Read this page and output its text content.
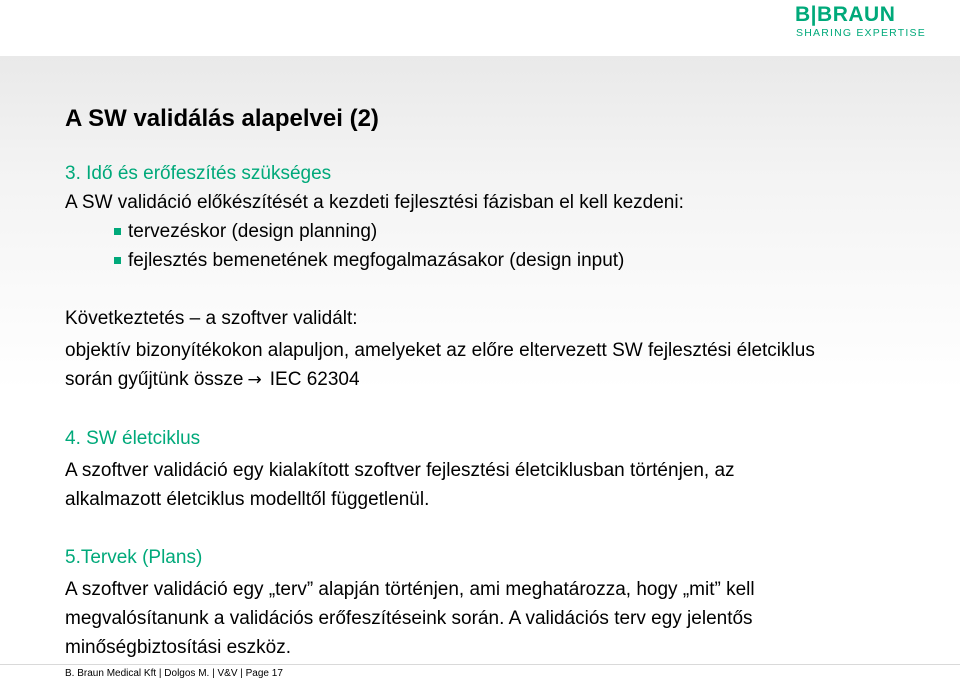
B|BRAUN
SHARING EXPERTISE
A SW validálás alapelvei (2)

3. Idő és erőfeszítés szükséges

A SW validáció előkészítését a kezdeti fejlesztési fázisban el kell kezdeni:

tervezéskor (design planning)

fejlesztés bemenetének megfogalmazásakor (design input)

Következtetés – a szoftver validált:

objektív bizonyítékokon alapuljon, amelyeket az előre eltervezett SW fejlesztési életciklus

során gyűjtünk össze → IEC 62304

4. SW életciklus

A szoftver validáció egy kialakított szoftver fejlesztési életciklusban történjen, az

alkalmazott életciklus modelltől függetlenül.

5.Tervek (Plans)

A szoftver validáció egy „terv” alapján történjen, ami meghatározza, hogy „mit” kell

megvalósítanunk a validációs erőfeszítéseink során. A validációs terv egy jelentős

minőségbiztosítási eszköz.

B. Braun Medical Kft | Dolgos M. | V&V | Page 17
